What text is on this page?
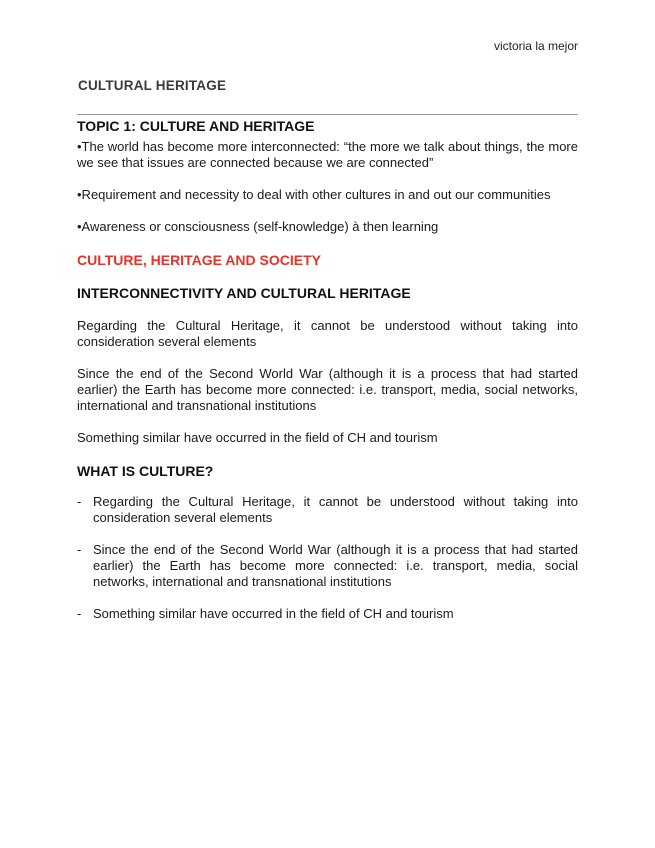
victoria la mejor
CULTURAL HERITAGE
TOPIC 1: CULTURE AND HERITAGE

•The world has become more interconnected: “the more we talk about things, the more we see that issues are connected because we are connected”

•Requirement and necessity to deal with other cultures in and out our communities

•Awareness or consciousness (self-knowledge) à then learning

CULTURE, HERITAGE AND SOCIETY
INTERCONNECTIVITY AND CULTURAL HERITAGE

Regarding the Cultural Heritage, it cannot be understood without taking into consideration several elements

Since the end of the Second World War (although it is a process that had started earlier) the Earth has become more connected: i.e. transport, media, social networks, international and transnational institutions

Something similar have occurred in the field of CH and tourism

WHAT IS CULTURE?
- Regarding the Cultural Heritage, it cannot be understood without taking into consideration several elements
- Since the end of the Second World War (although it is a process that had started earlier) the Earth has become more connected: i.e. transport, media, social networks, international and transnational institutions
- Something similar have occurred in the field of CH and tourism
